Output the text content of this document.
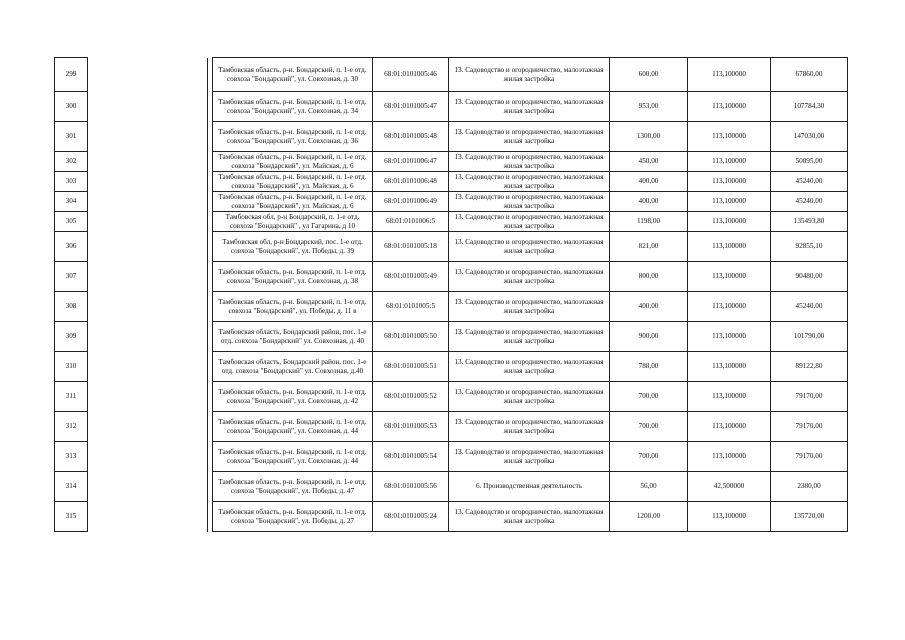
299			Тамбовская область, р-н. Бондарский, п. 1-е отд. совхоза "Бондарский", ул. Совхозная, д. 30	68:01:0101005:46	13. Садоводство и огородничество, малоэтажная жилая застройка	600,00	113,100000	67860,00
300			Тамбовская область, р-н. Бондарский, п. 1-е отд. совхоза "Бондарский", ул. Совхозная, д. 34	68:01:0101005:47	13. Садоводство и огородничество, малоэтажная жилая застройка	953,00	113,100000	107784,30
301			Тамбовская область, р-н. Бондарский, п. 1-е отд. совхоза "Бондарский", ул. Совхозная, д. 36	68:01:0101005:48	13. Садоводство и огородничество, малоэтажная жилая застройка	1300,00	113,100000	147030,00
302			Тамбовская область, р-н. Бондарский, п. 1-е отд. совхоза "Бондарский", ул. Майская, д. 6	68:01:0101006:47	13. Садоводство и огородничество, малоэтажная жилая застройка	450,00	113,100000	50895,00
303			Тамбовская область, р-н. Бондарский, п. 1-е отд. совхоза "Бондарский", ул. Майская, д. 6	68:01:0101006:48	13. Садоводство и огородничество, малоэтажная жилая застройка	400,00	113,100000	45240,00
304			Тамбовская область, р-н. Бондарский, п. 1-е отд. совхоза "Бондарский", ул. Майская, д. 6	68:01:0101006:49	13. Садоводство и огородничество, малоэтажная жилая застройка	400,00	113,100000	45240,00
305			Тамбовская обл, р-н Бондарский, п. 1-е отд. совхоза "Бондарский" , ул Гагарина, д 10	68:01:0101006:5	13. Садоводство и огородничество, малоэтажная жилая застройка	1198,00	113,100000	135493,80
306			Тамбовская обл, р-н Бондарский, пос. 1-е отд. совхоза "Бондарский", ул. Победы, д. 39	68:01:0101005:18	13. Садоводство и огородничество, малоэтажная жилая застройка	821,00	113,100000	92855,10
307			Тамбовская область, р-н. Бондарский, п. 1-е отд. совхоза "Бондарский", ул. Совхозная, д. 38	68:01:0101005:49	13. Садоводство и огородничество, малоэтажная жилая застройка	800,00	113,100000	90480,00
308			Тамбовская область, р-н. Бондарский, п. 1-е отд. совхоза "Бондарский", ул. Победы, д. 11 в	68:01:0101005:5	13. Садоводство и огородничество, малоэтажная жилая застройка	400,00	113,100000	45240,00
309			Тамбовская область, Бондарский район, пос. 1-е отд. совхоза "Бондарский" ул. Совхозная, д. 40	68:01:0101005:50	13. Садоводство и огородничество, малоэтажная жилая застройка	900,00	113,100000	101790,00
310			Тамбовская область, Бондарский район, пос. 1-е отд. совхоза "Бондарский" ул. Совхозная, д.40	68:01:0101005:51	13. Садоводство и огородничество, малоэтажная жилая застройка	788,00	113,100000	89122,80
311			Тамбовская область, р-н. Бондарский, п. 1-е отд. совхоза "Бондарский", ул. Совхозная, д. 42	68:01:0101005:52	13. Садоводство и огородничество, малоэтажная жилая застройка	700,00	113,100000	79170,00
312			Тамбовская область, р-н. Бондарский, п. 1-е отд. совхоза "Бондарский", ул. Совхозная, д. 44	68:01:0101005:53	13. Садоводство и огородничество, малоэтажная жилая застройка	700,00	113,100000	79170,00
313			Тамбовская область, р-н. Бондарский, п. 1-е отд. совхоза "Бондарский", ул. Совхозная, д. 44	68:01:0101005:54	13. Садоводство и огородничество, малоэтажная жилая застройка	700,00	113,100000	79170,00
314			Тамбовская область, р-н. Бондарский, п. 1-е отд. совхоза "Бондарский", ул. Победы, д. 47	68:01:0101005:56	6. Производственная деятельность	56,00	42,500000	2380,00
315			Тамбовская область, р-н. Бондарский, п. 1-е отд. совхоза "Бондарский", ул. Победы, д. 27	68:01:0101005:24	13. Садоводство и огородничество, малоэтажная жилая застройка	1200,00	113,100000	135720,00
